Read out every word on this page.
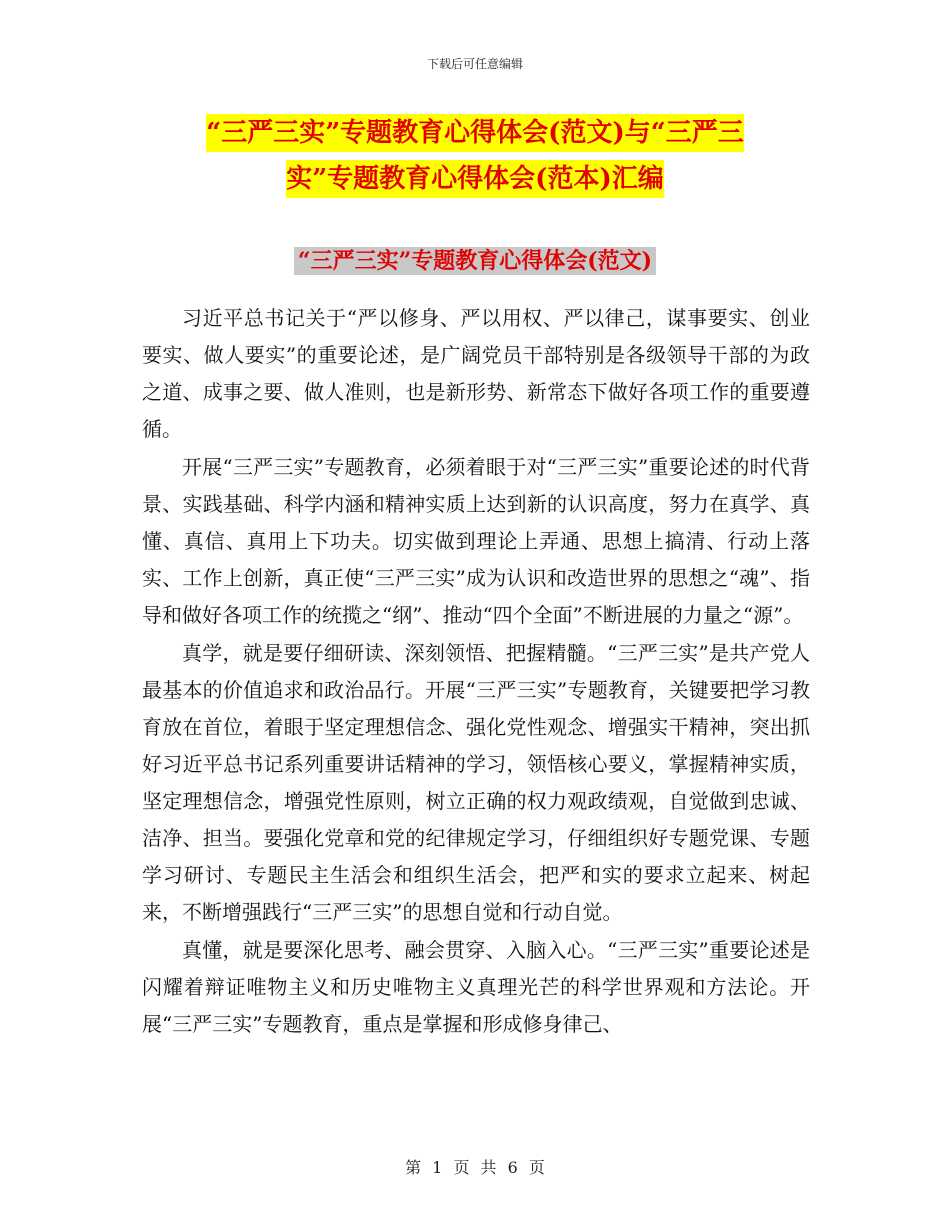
下载后可任意编辑
“三严三实”专题教育心得体会(范文)与“三严三
实”专题教育心得体会(范本)汇编
“三严三实”专题教育心得体会(范文)

习近平总书记关于“严以修身、严以用权、严以律己，谋事要实、创业要实、做人要实”的重要论述，是广阔党员干部特别是各级领导干部的为政之道、成事之要、做人准则，也是新形势、新常态下做好各项工作的重要遵循。

开展“三严三实”专题教育，必须着眼于对“三严三实”重要论述的时代背景、实践基础、科学内涵和精神实质上达到新的认识高度，努力在真学、真懂、真信、真用上下功夫。切实做到理论上弄通、思想上搞清、行动上落实、工作上创新，真正使“三严三实”成为认识和改造世界的思想之“魂”、指导和做好各项工作的统揽之“纲”、推动“四个全面”不断进展的力量之“源”。

真学，就是要仔细研读、深刻领悟、把握精髓。“三严三实”是共产党人最基本的价值追求和政治品行。开展“三严三实”专题教育，关键要把学习教育放在首位，着眼于坚定理想信念、强化党性观念、增强实干精神，突出抓好习近平总书记系列重要讲话精神的学习，领悟核心要义，掌握精神实质，坚定理想信念，增强党性原则，树立正确的权力观政绩观，自觉做到忠诚、洁净、担当。要强化党章和党的纪律规定学习，仔细组织好专题党课、专题学习研讨、专题民主生活会和组织生活会，把严和实的要求立起来、树起来，不断增强践行“三严三实”的思想自觉和行动自觉。

真懂，就是要深化思考、融会贯穿、入脑入心。“三严三实”重要论述是闪耀着辩证唯物主义和历史唯物主义真理光芒的科学世界观和方法论。开展“三严三实”专题教育，重点是掌握和形成修身律己、

第 1 页 共 6 页
